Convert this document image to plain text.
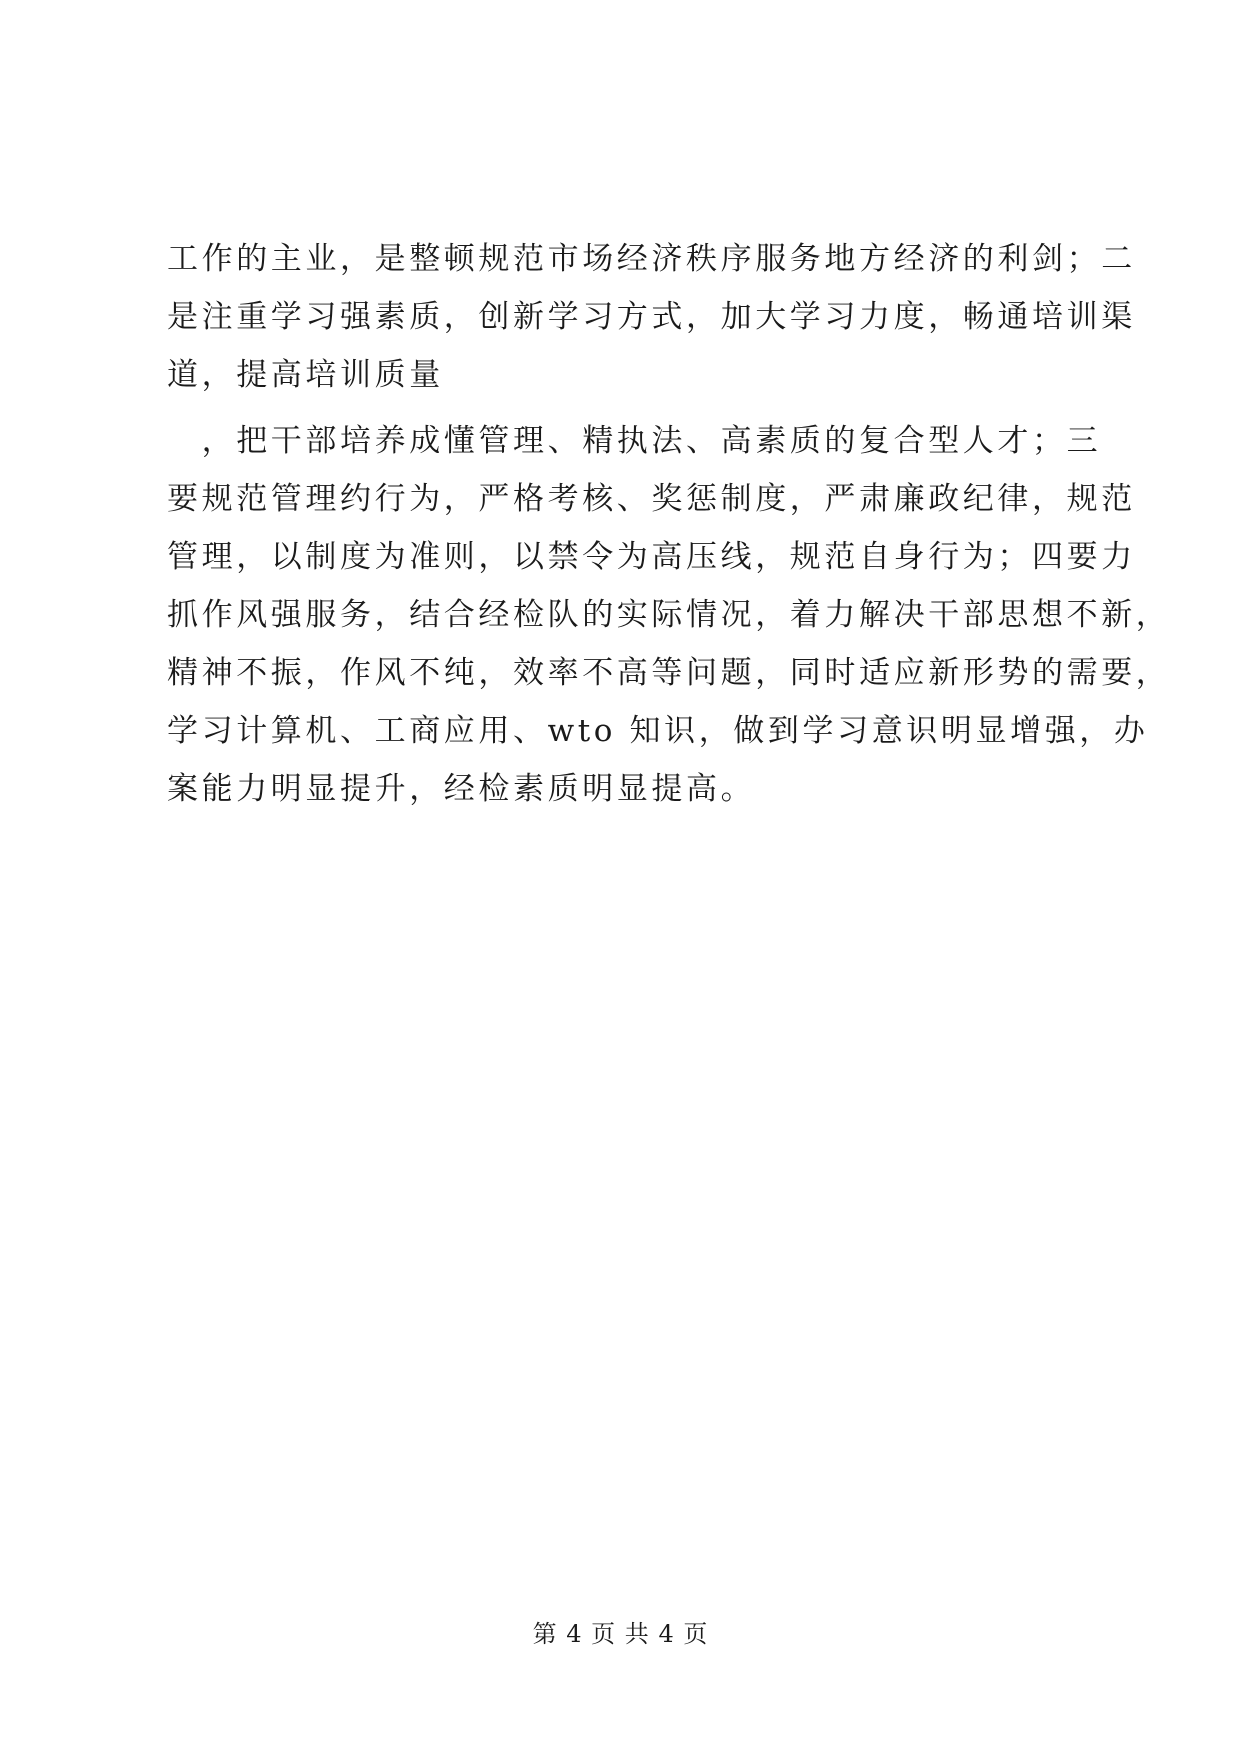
工作的主业，是整顿规范市场经济秩序服务地方经济的利剑；二
是注重学习强素质，创新学习方式，加大学习力度，畅通培训渠
道，提高培训质量
　，把干部培养成懂管理、精执法、高素质的复合型人才；三
要规范管理约行为，严格考核、奖惩制度，严肃廉政纪律，规范
管理，以制度为准则，以禁令为高压线，规范自身行为；四要力
抓作风强服务，结合经检队的实际情况，着力解决干部思想不新，
精神不振，作风不纯，效率不高等问题，同时适应新形势的需要，
学习计算机、工商应用、wto 知识，做到学习意识明显增强，办
案能力明显提升，经检素质明显提高。
第 4 页 共 4 页
